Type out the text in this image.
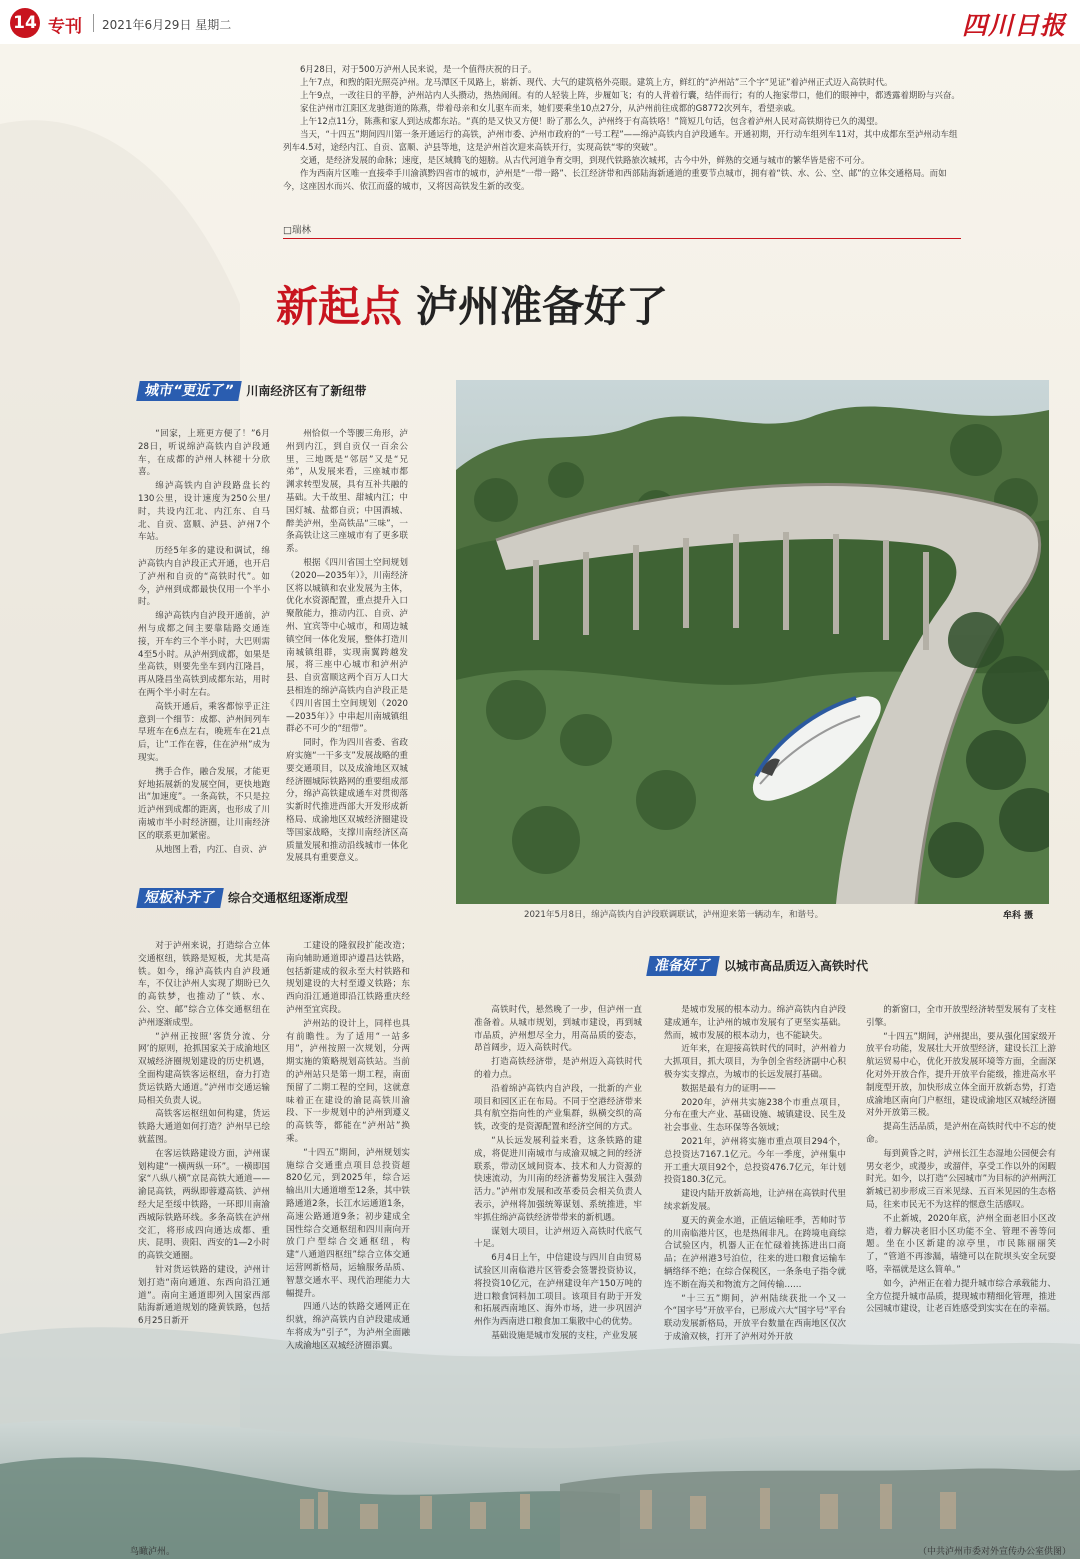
14 专刊 2021年6月29日 星期二	四川日报

6月28日，对于500万泸州人民来说，是一个值得庆祝的日子。

上午7点，和煦的阳光照亮泸州。龙马潭区千凤路上，崭新、现代、大气的建筑格外亮眼。建筑上方，鲜红的“泸州站”三个字“见证”着泸州正式迈入高铁时代。

上午9点，一改往日的平静，泸州站内人头攒动，热热闹闹。有的人轻装上阵，步履如飞；有的人背着行囊，结伴而行；有的人拖家带口，他们的眼神中，都透露着期盼与兴奋。

家住泸州市江阳区龙驰街道的陈燕，带着母亲和女儿驱车而来，她们要乘坐10点27分，从泸州前往成都的G8772次列车，看望亲戚。

上午12点11分，陈燕和家人到达成都东站。“真的是又快又方便！盼了那么久，泸州终于有高铁咯！”简短几句话，包含着泸州人民对高铁期待已久的渴望。

当天，“十四五”期间四川第一条开通运行的高铁，泸州市委、泸州市政府的“一号工程”——绵泸高铁内自泸段通车。开通初期，开行动车组列车11对，其中成都东至泸州动车组列车4.5对，途经内江、自贡、富顺、泸县等地，这是泸州首次迎来高铁开行，实现高铁“零的突破”。

交通，是经济发展的命脉；速度，是区域腾飞的翅膀。从古代河道争育交明，到现代铁路旅次城邦，古今中外，鲜熟的交通与城市的繁华皆是密不可分。

作为西南片区唯一直接牵手川渝滇黔四省市的城市，泸州是“一带一路”、长江经济带和西部陆海新通道的重要节点城市，拥有着“铁、水、公、空、邮”的立体交通格局。而如今，这座因水而兴、依江而盛的城市，又将因高铁发生新的改变。

□瑞林
新起点 泸州准备好了
城市“更近了” 川南经济区有了新纽带

“回家，上班更方便了！”6月28日，听说绵泸高铁内自泸段通车，在成都的泸州人林褪十分欣喜。

绵泸高铁内自泸段路盘长约130公里，设计速度为250公里/时，共设内江北、内江东、自马北、自贡、富顺、泸县、泸州7个车站。

历经5年多的建设和调试，绵泸高铁内自泸段正式开通，也开启了泸州和自贡的“高铁时代”。如今，泸州到成都最快仅用一个半小时。

绵泸高铁内自泸段开通前，泸州与成都之间主要靠陆路交通连接，开车约三个半小时，大巴则需4至5小时。从泸州到成都，如果是坐高铁，则要先坐车到内江隆昌，再从隆昌坐高铁到成都东站，用时在两个半小时左右。

高铁开通后，乘客都惊乎正注意到一个细节：成都、泸州间列车早班车在6点左右，晚班车在21点后，让“工作在蓉，住在泸州”成为现实。

携手合作，融合发展，才能更好地拓展新的发展空间，更快地跑出“加速度”。一条高铁，不只是拉近泸州到成都的距离，也形成了川南城市半小时经济圈，让川南经济区的联系更加紧密。

从地图上看，内江、自贡、泸

州恰似一个等腰三角形，泸州到内江，到自贡仅一百余公里，三地既是“邻居”又是“兄弟”，从发展来看，三座城市都渊求转型发展，具有互补共融的基础。大千故里、甜城内江；中国灯城、盐都自贡；中国酒城、醉美泸州，坐高铁品“三味”，一条高铁让这三座城市有了更多联系。

根据《四川省国土空间规划（2020—2035年）》，川南经济区将以城镇和农业发展为主体，优化水资源配置，重点提升入口聚散能力，推动内江、自贡、泸州、宜宾等中心城市，和周边城镇空间一体化发展，整体打造川南城镇组群，实现南翼跨越发展，将三座中心城市和泸州泸县、自贡富顺这两个百万人口大县相连的绵泸高铁内自泸段正是《四川省国土空间规划（2020—2035年）》中串起川南城镇组群必不可少的“纽带”。

同时，作为四川省委、省政府实施“一干多支”发展战略的重要交通项目，以及成渝地区双城经济圈城际铁路网的重要组成部分，绵泸高铁建成通车对贯彻落实新时代推进西部大开发形成新格局、成渝地区双城经济圈建设等国家战略，支撑川南经济区高质量发展和推动沿线城市一体化发展具有重要意义。

2021年5月8日，绵泸高铁内自泸段联调联试，泸州迎来第一辆动车，和谐号。	牟科 摄
短板补齐了 综合交通枢纽逐渐成型

对于泸州来说，打造综合立体交通枢纽，铁路是短板，尤其是高铁。如今，绵泸高铁内自泸段通车，不仅让泸州人实现了期盼已久的高铁梦，也推动了“铁、水、公、空、邮”综合立体交通枢纽在泸州逐渐成型。

“泸州正按照‘客货分流、分网’的原则，抢抓国家关于成渝地区双城经济圈规划建设的历史机遇，全面构建高铁客运枢纽，奋力打造货运铁路大通道。”泸州市交通运输局相关负责人说。

高铁客运枢纽如何构建，货运铁路大通道如何打造？泸州早已绘就蓝图。

在客运铁路建设方面，泸州谋划构建“一横两纵一环”。一横即国家“八纵八横”京昆高铁大通道——渝昆高铁，两纵即蓉遵高铁、泸州经大足至绥中铁路，一环即川南渝西城际铁路环线。多条高铁在泸州交汇，将形成四向通达成都、重庆、昆明、贵阳、西安的1—2小时的高铁交通圈。

针对货运铁路的建设，泸州计划打造“南向通道、东西向沿江通道”。南向主通道即列入国家西部陆海新通道规划的隆黄铁路，包括6月25日新开

工建设的隆叙段扩能改造；南向辅助通道即泸遵昌达铁路，包括新建成的叙永至大村铁路和规划建设的大村至遵义铁路；东西向沿江通道即沿江铁路重庆经泸州至宜宾段。

泸州站的设计上，同样也具有前瞻性。为了适用“一站多用”，泸州按照一次规划，分两期实施的策略规划高铁站。当前的泸州站只是第一期工程，南面预留了二期工程的空间，这就意味着正在建设的渝昆高铁川渝段、下一步规划中的泸州到遵义的高铁等，都能在“泸州站”换乘。

“十四五”期间，泸州规划实施综合交通重点项目总投资超820亿元，到2025年，综合运输出川大通道增至12条，其中铁路通道2条，长江水运通道1条，高速公路通道9条；初步建成全国性综合交通枢纽和四川南向开放门户型综合交通枢纽，构建“八通道四枢纽”综合立体交通运营网新格局，运输服务品质、智慧交通水平、现代治理能力大幅提升。

四通八达的铁路交通网正在织就，绵泸高铁内自泸段建成通车将成为“引子”，为泸州全面融入成渝地区双城经济圈添翼。

准备好了 以城市高品质迈入高铁时代

高铁时代，悬然晚了一步，但泸州一直准备着。从城市规划，到城市建设，再到城市品质，泸州想尽全力，用高品质的姿态，昂首阔步，迈入高铁时代。

打造高铁经济带，是泸州迈入高铁时代的着力点。

沿着绵泸高铁内自泸段，一批新的产业项目和园区正在布局。不同于空港经济带来具有航空指向性的产业集群，纵横交织的高铁，改变的是资源配置和经济空间的方式。

“从长远发展利益来看，这条铁路的建成，将促进川南城市与成渝双城之间的经济联系，带动区域间资本、技术和人力资源的快速流动，为川南的经济蓄势发展注入强劲活力。”泸州市发展和改革委员会相关负责人表示，泸州将加强统筹谋划、系统推进，牢牢抓住绵泸高铁经济带带来的新机遇。

谋划大项目，让泸州迈入高铁时代底气十足。

6月4日上午，中信建设与四川自由贸易试验区川南临港片区管委会签署投资协议，将投资10亿元，在泸州建设年产150万吨的进口粮食饲料加工项目。该项目有助于开发和拓展西南地区、海外市场，进一步巩固泸州作为西南进口粮食加工集散中心的优势。

基础设施是城市发展的支柱，产业发展

是城市发展的根本动力。绵泸高铁内自泸段建成通车，让泸州的城市发展有了更坚实基础。然而，城市发展的根本动力，也不能缺失。

近年来，在迎接高铁时代的同时，泸州着力大抓项目，抓大项目，为争创全省经济副中心积极夯实支撑点，为城市的长远发展打基础。

数据是最有力的证明——

2020年，泸州共实施238个市重点项目，分布在重大产业、基础设施、城镇建设、民生及社会事业、生态环保等各领域；

2021年，泸州将实施市重点项目294个，总投资达7167.1亿元。今年一季度，泸州集中开工重大项目92个，总投资476.7亿元，年计划投资180.3亿元。

建设内陆开放新高地，让泸州在高铁时代里续求新发展。

夏天的黄金水道，正值运输旺季，苦帅时节的川南临港片区，也是热闹非凡。在跨境电商综合试验区内，机器人正在忙碌着挑拣进出口商品；在泸州港3号泊位，往来的进口粮食运输车辆络绎不绝；在综合保税区，一条条电子指令就连不断在海关和物流方之间传输……

“十三五”期间，泸州陆续获批一个又一个“国字号”开放平台，已形成六大“国字号”平台联动发展新格局，开放平台数量在西南地区仅次于成渝双核，打开了泸州对外开放

的新窗口，全市开放型经济转型发展有了支柱引擎。

“十四五”期间，泸州提出，要从强化国家级开放平台功能，发展壮大开放型经济，建设长江上游航运贸易中心，优化开放发展环境等方面，全面深化对外开放合作，提升开放平台能级，推进高水平制度型开放，加快形成立体全面开放新态势，打造成渝地区南向门户枢纽，建设成渝地区双城经济圈对外开放第三极。

提高生活品质，是泸州在高铁时代中不忘的使命。

每到黄昏之时，泸州长江生态湿地公园便会有男女老少，或漫步，或溜伴，享受工作以外的闲暇时光。如今，以打造“公园城市”为目标的泸州两江新城已初步形成三百米见绿、五百米见园的生态格局，往来市民无不为这样的惬意生活感叹。

不止新城，2020年底，泸州全面老旧小区改造，着力解决老旧小区功能不全、管理不善等问题。坐在小区新建的凉亭里，市民陈丽丽笑了，“管道不再渗漏，墙缝可以在院坝头安全玩耍咯，幸福就是这么简单。”

如今，泸州正在着力提升城市综合承载能力、全方位提升城市品质，提现城市精细化管理，推进公园城市建设，让老百姓感受到实实在在的幸福。

鸟瞰泸州。	（中共泸州市委对外宣传办公室供图）
